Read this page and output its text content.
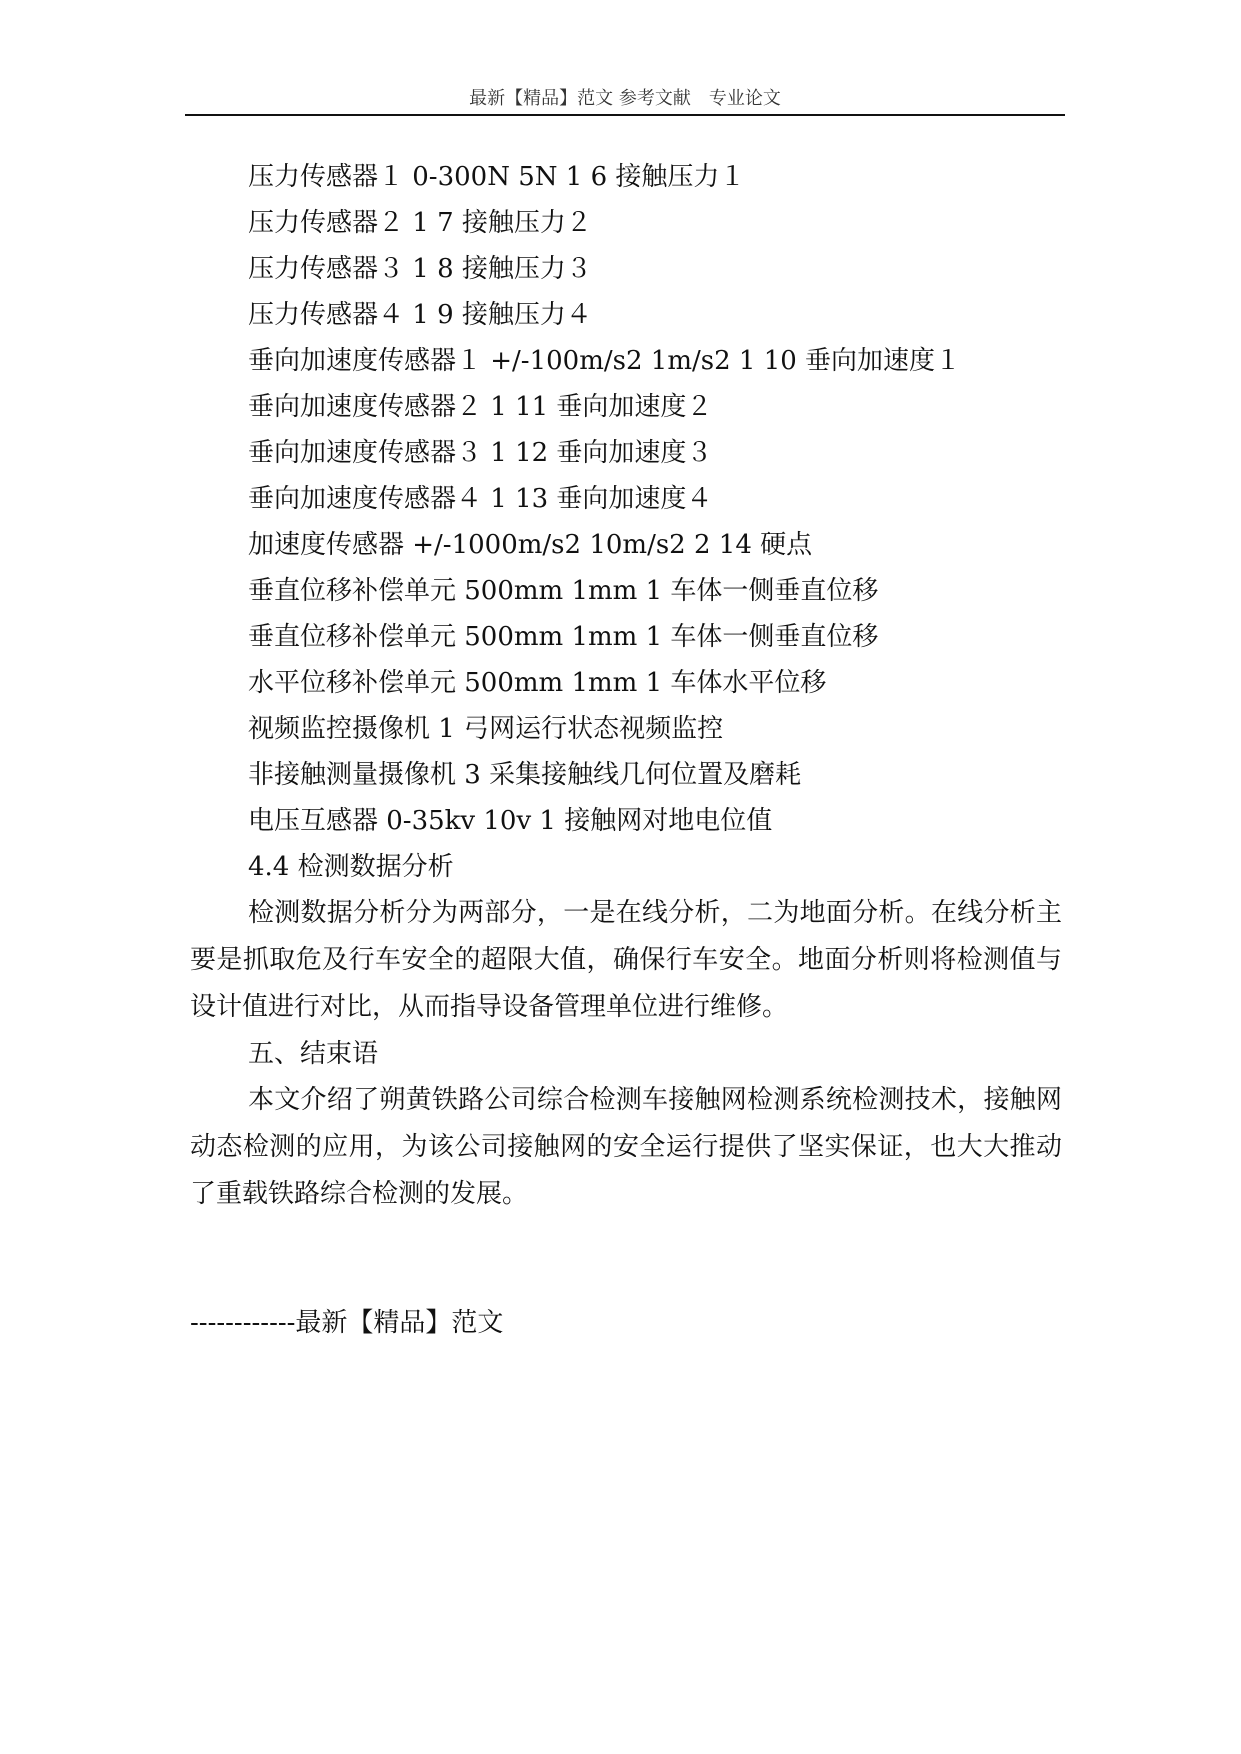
最新【精品】范文 参考文献　专业论文
压力传感器１ 0-300N 5N 1 6 接触压力１
压力传感器２ 1 7 接触压力２
压力传感器３ 1 8 接触压力３
压力传感器４ 1 9 接触压力４
垂向加速度传感器１ +/-100m/s2 1m/s2 1 10 垂向加速度１
垂向加速度传感器２ 1 11 垂向加速度２
垂向加速度传感器３ 1 12 垂向加速度３
垂向加速度传感器４ 1 13 垂向加速度４
加速度传感器 +/-1000m/s2 10m/s2 2 14 硬点
垂直位移补偿单元 500mm 1mm 1 车体一侧垂直位移
垂直位移补偿单元 500mm 1mm 1 车体一侧垂直位移
水平位移补偿单元 500mm 1mm 1 车体水平位移
视频监控摄像机 1 弓网运行状态视频监控
非接触测量摄像机 3 采集接触线几何位置及磨耗
电压互感器 0-35kv 10v 1 接触网对地电位值
4.4 检测数据分析

检测数据分析分为两部分，一是在线分析，二为地面分析。在线分析主要是抓取危及行车安全的超限大值，确保行车安全。地面分析则将检测值与设计值进行对比，从而指导设备管理单位进行维修。

五、结束语

本文介绍了朔黄铁路公司综合检测车接触网检测系统检测技术，接触网动态检测的应用，为该公司接触网的安全运行提供了坚实保证，也大大推动了重载铁路综合检测的发展。

------------最新【精品】范文
